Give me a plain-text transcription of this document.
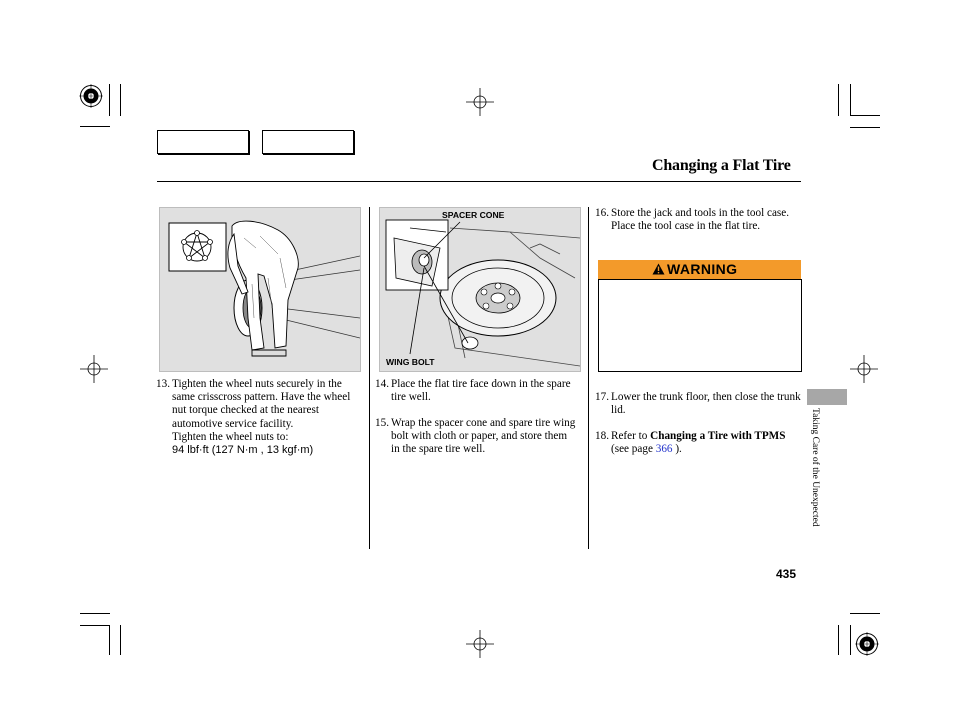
Changing a Flat Tire
SPACER CONE
WING BOLT
13. Tighten the wheel nuts securely in the same crisscross pattern. Have the wheel nut torque checked at the nearest automotive service facility.
Tighten the wheel nuts to:
94 lbf·ft (127 N·m , 13 kgf·m)
14. Place the flat tire face down in the spare tire well.
15. Wrap the spacer cone and spare tire wing bolt with cloth or paper, and store them in the spare tire well.
16. Store the jack and tools in the tool case. Place the tool case in the flat tire.
WARNING
17. Lower the trunk floor, then close the trunk lid.
18. Refer to Changing a Tire with TPMS (see page 366 ).	Taking Care of the Unexpected
435
